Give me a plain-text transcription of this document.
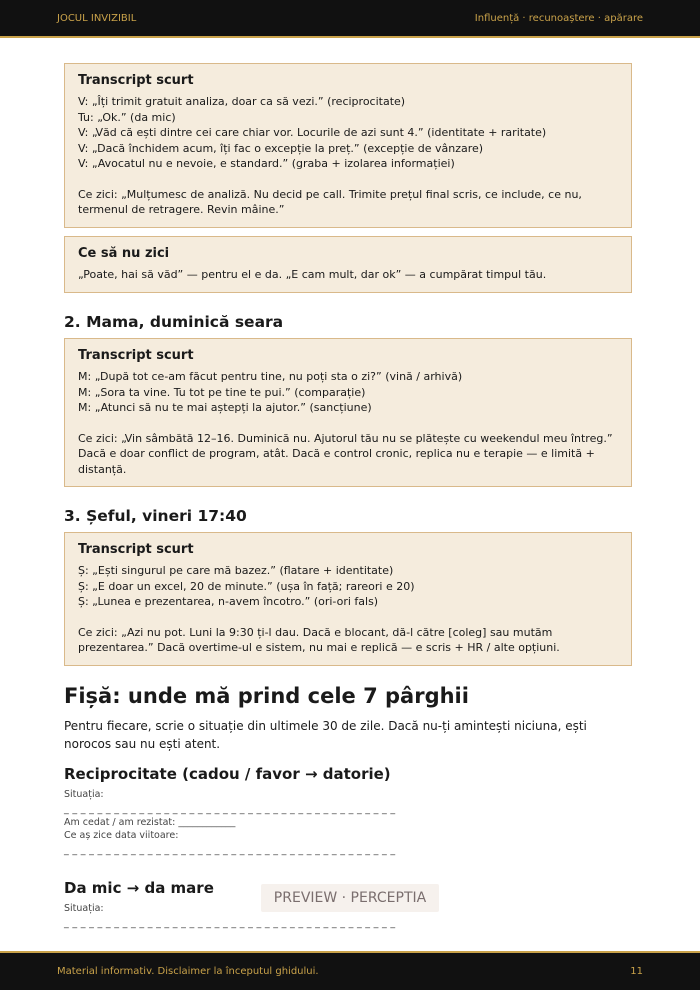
JOCUL INVIZIBIL	Influență · recunoaștere · apărare
Transcript scurt

V: „Îți trimit gratuit analiza, doar ca să vezi.” (reciprocitate)

Tu: „Ok.” (da mic)

V: „Văd că ești dintre cei care chiar vor. Locurile de azi sunt 4.” (identitate + raritate)

V: „Dacă închidem acum, îți fac o excepție la preț.” (excepție de vânzare)

V: „Avocatul nu e nevoie, e standard.” (graba + izolarea informației)

Ce zici: „Mulțumesc de analiză. Nu decid pe call. Trimite prețul final scris, ce include, ce nu, termenul de retragere. Revin mâine.”

Ce să nu zici

„Poate, hai să văd” — pentru el e da. „E cam mult, dar ok” — a cumpărat timpul tău.

2. Mama, duminică seara
Transcript scurt

M: „După tot ce-am făcut pentru tine, nu poți sta o zi?” (vină / arhivă)

M: „Sora ta vine. Tu tot pe tine te pui.” (comparație)

M: „Atunci să nu te mai aștepți la ajutor.” (sancțiune)

Ce zici: „Vin sâmbătă 12–16. Duminică nu. Ajutorul tău nu se plătește cu weekendul meu întreg.” Dacă e doar conflict de program, atât. Dacă e control cronic, replica nu e terapie — e limită + distanță.

3. Șeful, vineri 17:40
Transcript scurt

Ș: „Ești singurul pe care mă bazez.” (flatare + identitate)

Ș: „E doar un excel, 20 de minute.” (ușa în față; rareori e 20)

Ș: „Lunea e prezentarea, n-avem încotro.” (ori-ori fals)

Ce zici: „Azi nu pot. Luni la 9:30 ți-l dau. Dacă e blocant, dă-l către [coleg] sau mutăm prezentarea.” Dacă overtime-ul e sistem, nu mai e replică — e scris + HR / alte opțiuni.

Fișă: unde mă prind cele 7 pârghii

Pentru fiecare, scrie o situație din ultimele 30 de zile. Dacă nu-ți amintești niciuna, ești norocos sau nu ești atent.

Reciprocitate (cadou / favor → datorie)

Situația:

_ _ _ _ _ _ _ _ _ _ _ _ _ _ _ _ _ _ _ _ _ _ _ _ _ _ _ _ _ _ _ _ _ _ _ _ _ _ _ _

Am cedat / am rezistat: ____________

Ce aș zice data viitoare:

_ _ _ _ _ _ _ _ _ _ _ _ _ _ _ _ _ _ _ _ _ _ _ _ _ _ _ _ _ _ _ _ _ _ _ _ _ _ _ _

Da mic → da mare

Situația:

_ _ _ _ _ _ _ _ _ _ _ _ _ _ _ _ _ _ _ _ _ _ _ _ _ _ _ _ _ _ _ _ _ _ _ _ _ _ _ _

PREVIEW · PERCEPTIA
Material informativ. Disclaimer la începutul ghidului.	11
